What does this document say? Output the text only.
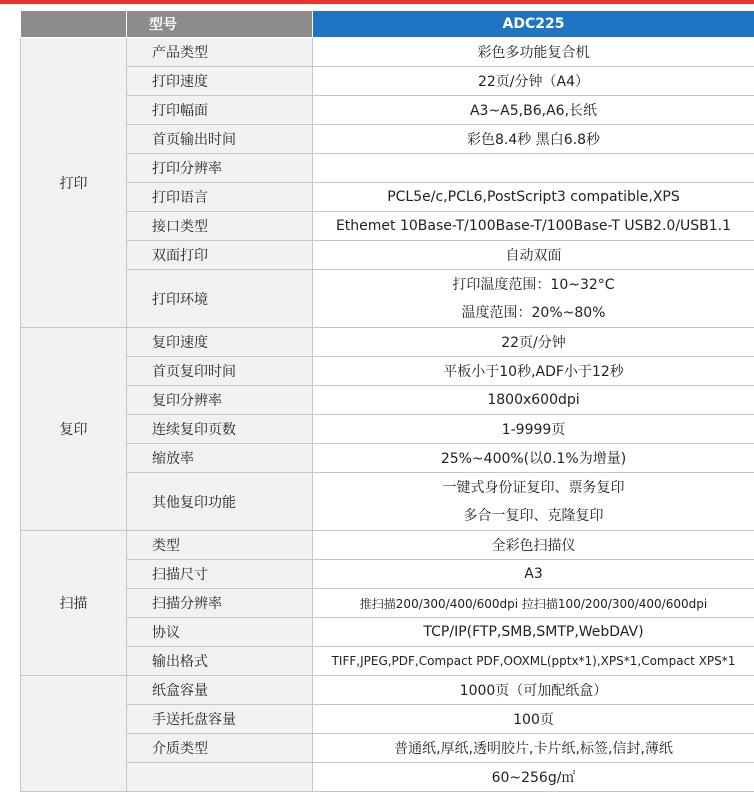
	型号	ADC225
打印	产品类型	彩色多功能复合机
	打印速度	22页/分钟（A4）
	打印幅面	A3~A5,B6,A6,长纸
	首页输出时间	彩色8.4秒 黑白6.8秒
	打印分辨率	
	打印语言	PCL5e/c,PCL6,PostScript3 compatible,XPS
	接口类型	Ethemet 10Base-T/100Base-T/100Base-T USB2.0/USB1.1
	双面打印	自动双面
	打印环境	打印温度范围：10~32°C
温度范围：20%~80%

复印	复印速度	22页/分钟
	首页复印时间	平板小于10秒,ADF小于12秒
	复印分辨率	1800x600dpi
	连续复印页数	1-9999页
	缩放率	25%~400%(以0.1%为增量)
	其他复印功能	一键式身份证复印、票务复印
多合一复印、克隆复印

扫描	类型	全彩色扫描仪
	扫描尺寸	A3
	扫描分辨率	推扫描200/300/400/600dpi 拉扫描100/200/300/400/600dpi
	协议	TCP/IP(FTP,SMB,SMTP,WebDAV)
	输出格式	TIFF,JPEG,PDF,Compact PDF,OOXML(pptx*1),XPS*1,Compact XPS*1
	纸盒容量	1000页（可加配纸盒）
	手送托盘容量	100页
	介质类型	普通纸,厚纸,透明胶片,卡片纸,标签,信封,薄纸
		60~256g/㎡
